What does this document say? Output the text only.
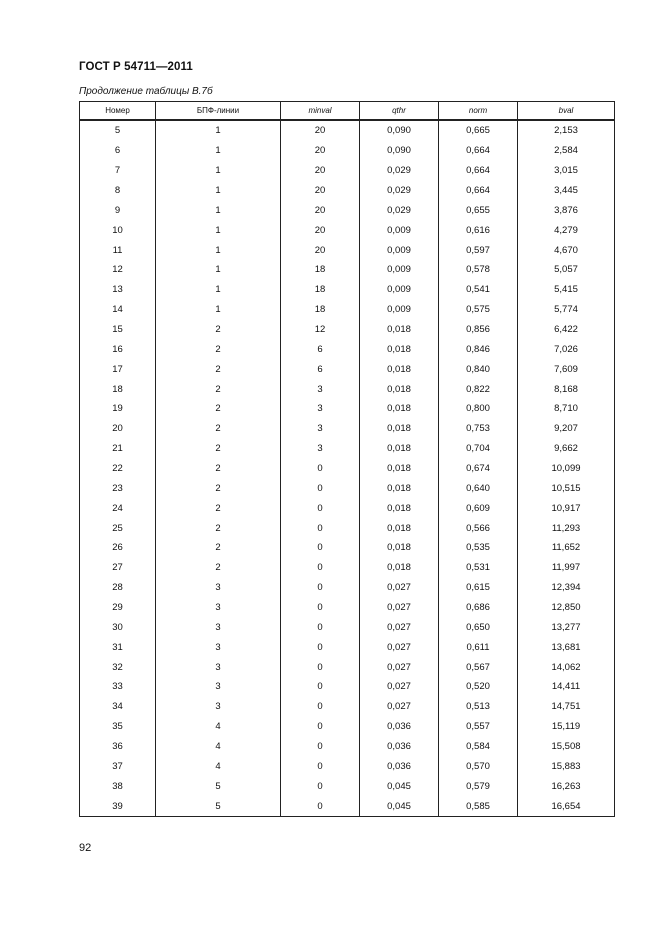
ГОСТ Р 54711—2011
Продолжение таблицы В.7б
Номер	БПФ-линии	minval	qthr	norm	bval
5	1	20	0,090	0,665	2,153
6	1	20	0,090	0,664	2,584
7	1	20	0,029	0,664	3,015
8	1	20	0,029	0,664	3,445
9	1	20	0,029	0,655	3,876
10	1	20	0,009	0,616	4,279
11	1	20	0,009	0,597	4,670
12	1	18	0,009	0,578	5,057
13	1	18	0,009	0,541	5,415
14	1	18	0,009	0,575	5,774
15	2	12	0,018	0,856	6,422
16	2	6	0,018	0,846	7,026
17	2	6	0,018	0,840	7,609
18	2	3	0,018	0,822	8,168
19	2	3	0,018	0,800	8,710
20	2	3	0,018	0,753	9,207
21	2	3	0,018	0,704	9,662
22	2	0	0,018	0,674	10,099
23	2	0	0,018	0,640	10,515
24	2	0	0,018	0,609	10,917
25	2	0	0,018	0,566	11,293
26	2	0	0,018	0,535	11,652
27	2	0	0,018	0,531	11,997
28	3	0	0,027	0,615	12,394
29	3	0	0,027	0,686	12,850
30	3	0	0,027	0,650	13,277
31	3	0	0,027	0,611	13,681
32	3	0	0,027	0,567	14,062
33	3	0	0,027	0,520	14,411
34	3	0	0,027	0,513	14,751
35	4	0	0,036	0,557	15,119
36	4	0	0,036	0,584	15,508
37	4	0	0,036	0,570	15,883
38	5	0	0,045	0,579	16,263
39	5	0	0,045	0,585	16,654
92
